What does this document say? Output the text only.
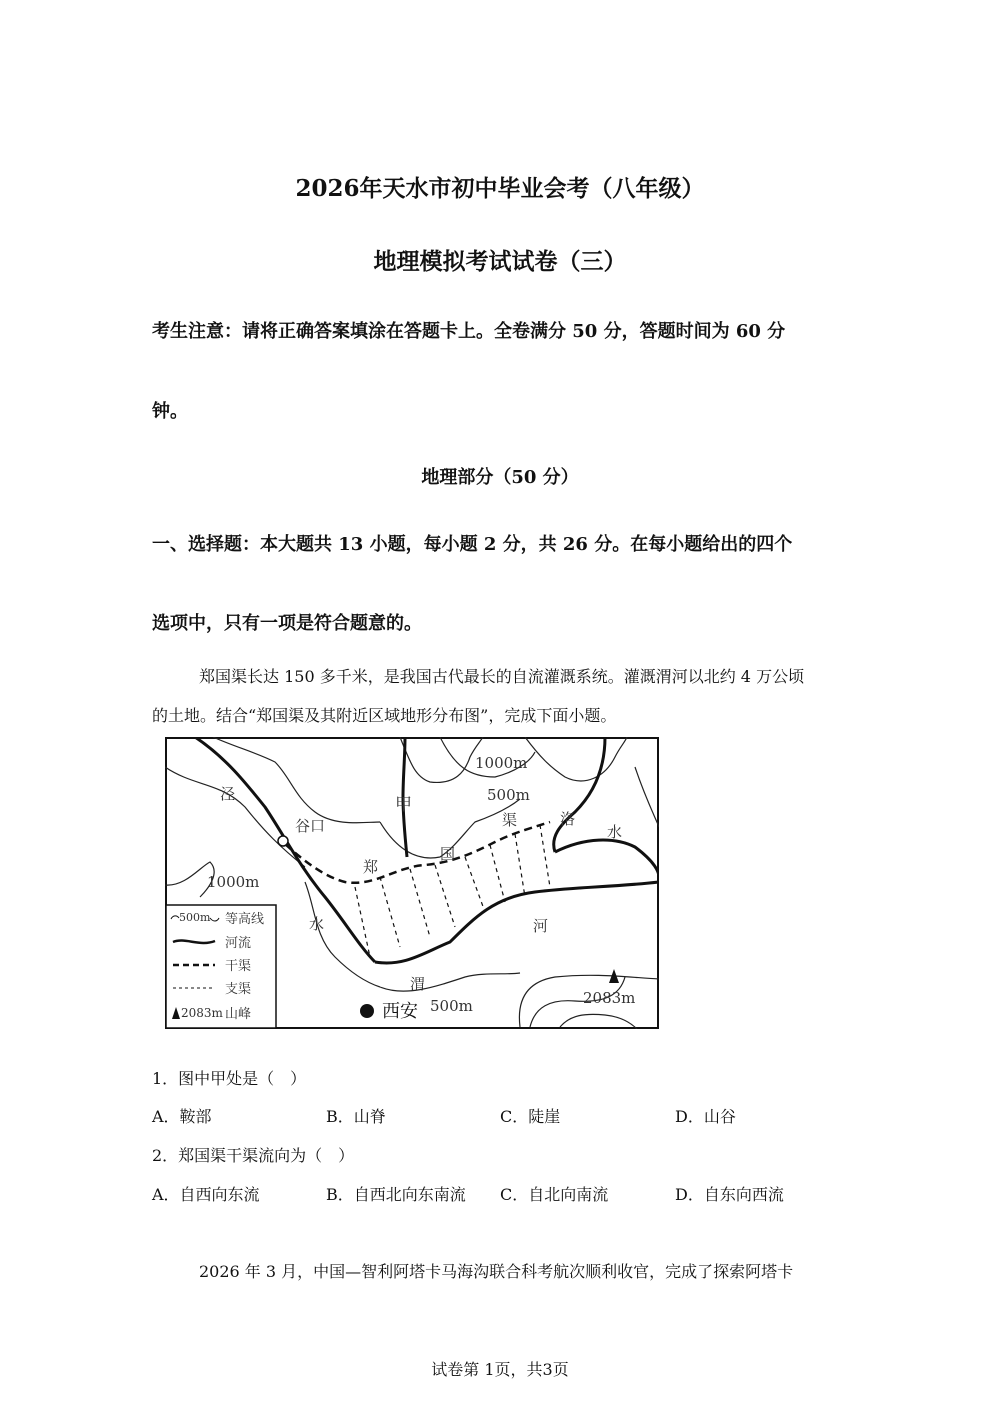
2026年天水市初中毕业会考（八年级）
地理模拟考试试卷（三）
考生注意：请将正确答案填涂在答题卡上。全卷满分 50 分，答题时间为 60 分
钟。
地理部分（50 分）
一、选择题：本大题共 13 小题，每小题 2 分，共 26 分。在每小题给出的四个
选项中，只有一项是符合题意的。
郑国渠长达 150 多千米，是我国古代最长的自流灌溉系统。灌溉渭河以北约 4 万公顷
的土地。结合“郑国渠及其附近区域地形分布图”，完成下面小题。
泾
谷口
甲
1000m
500m
渠	洛
水
郑
国
1000m
水	河
渭
西安 500m	2083m
500m 等高线
河流
干渠
支渠
2083m 山峰
1．图中甲处是（　）
A．鞍部	B．山脊	C．陡崖	D．山谷
2．郑国渠干渠流向为（　）
A．自西向东流	B．自西北向东南流 C．自北向南流	D．自东向西流
2026 年 3 月，中国—智利阿塔卡马海沟联合科考航次顺利收官，完成了探索阿塔卡
试卷第 1页，共3页
